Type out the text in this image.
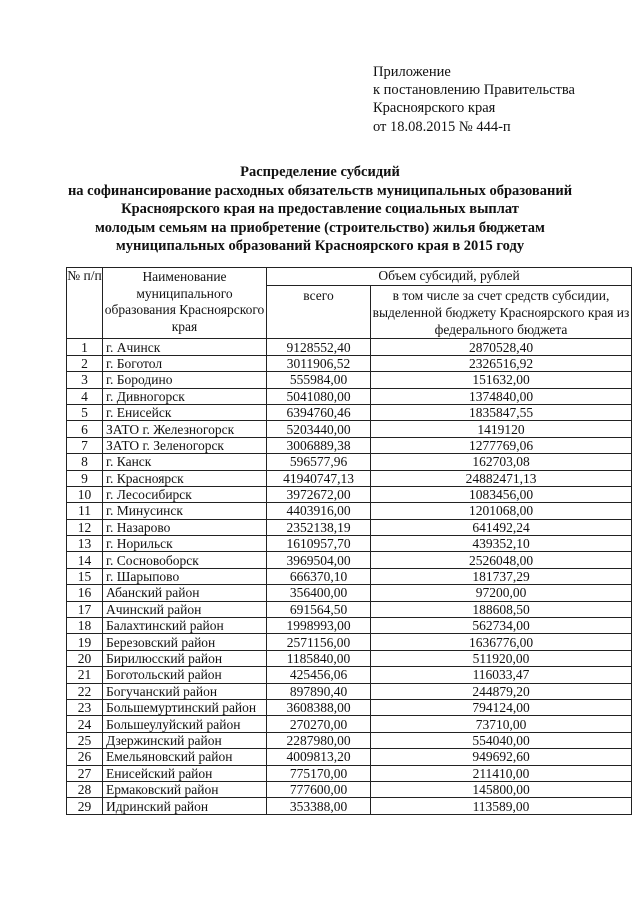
Приложение
к постановлению Правительства
Красноярского края
от 18.08.2015 № 444-п
Распределение субсидий
на софинансирование расходных обязательств муниципальных образований
Красноярского края на предоставление социальных выплат
молодым семьям на приобретение (строительство) жилья бюджетам
муниципальных образований Красноярского края в 2015 году
№ п/п	Наименование муниципального образования Красноярского края	Объем субсидий, рублей	
		всего	в том числе за счет средств субсидии, выделенной бюджету Красноярского края из федерального бюджета
1	г. Ачинск	9128552,40	2870528,40
2	г. Боготол	3011906,52	2326516,92
3	г. Бородино	555984,00	151632,00
4	г. Дивногорск	5041080,00	1374840,00
5	г. Енисейск	6394760,46	1835847,55
6	ЗАТО г. Железногорск	5203440,00	1419120
7	ЗАТО г. Зеленогорск	3006889,38	1277769,06
8	г. Канск	596577,96	162703,08
9	г. Красноярск	41940747,13	24882471,13
10	г. Лесосибирск	3972672,00	1083456,00
11	г. Минусинск	4403916,00	1201068,00
12	г. Назарово	2352138,19	641492,24
13	г. Норильск	1610957,70	439352,10
14	г. Сосновоборск	3969504,00	2526048,00
15	г. Шарыпово	666370,10	181737,29
16	Абанский район	356400,00	97200,00
17	Ачинский район	691564,50	188608,50
18	Балахтинский район	1998993,00	562734,00
19	Березовский район	2571156,00	1636776,00
20	Бирилюсский район	1185840,00	511920,00
21	Боготольский район	425456,06	116033,47
22	Богучанский район	897890,40	244879,20
23	Большемуртинский район	3608388,00	794124,00
24	Большеулуйский район	270270,00	73710,00
25	Дзержинский район	2287980,00	554040,00
26	Емельяновский район	4009813,20	949692,60
27	Енисейский район	775170,00	211410,00
28	Ермаковский район	777600,00	145800,00
29	Идринский район	353388,00	113589,00
